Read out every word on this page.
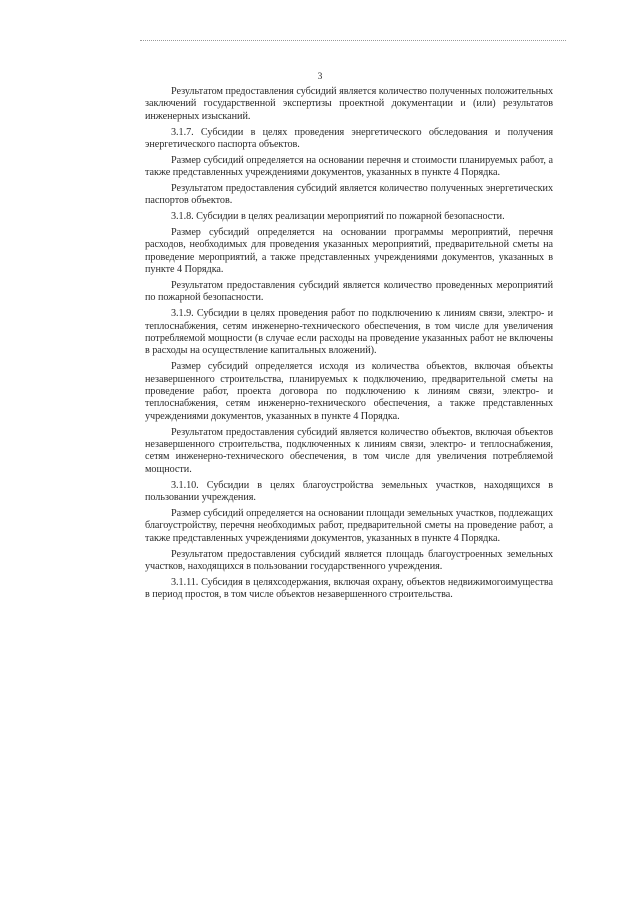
3

Результатом предоставления субсидий является количество полученных положительных заключений государственной экспертизы проектной документации и (или) результатов инженерных изысканий.

3.1.7. Субсидии в целях проведения энергетического обследования и получения энергетического паспорта объектов.

Размер субсидий определяется на основании перечня и стоимости планируемых работ, а также представленных учреждениями документов, указанных в пункте 4 Порядка.

Результатом предоставления субсидий является количество полученных энергетических паспортов объектов.

3.1.8. Субсидии в целях реализации мероприятий по пожарной безопасности.

Размер субсидий определяется на основании программы мероприятий, перечня расходов, необходимых для проведения указанных мероприятий, предварительной сметы на проведение мероприятий, а также представленных учреждениями документов, указанных в пункте 4 Порядка.

Результатом предоставления субсидий является количество проведенных мероприятий по пожарной безопасности.

3.1.9. Субсидии в целях проведения работ по подключению к линиям связи, электро- и теплоснабжения, сетям инженерно-технического обеспечения, в том числе для увеличения потребляемой мощности (в случае если расходы на проведение указанных работ не включены в расходы на осуществление капитальных вложений).

Размер субсидий определяется исходя из количества объектов, включая объекты незавершенного строительства, планируемых к подключению, предварительной сметы на проведение работ, проекта договора по подключению к линиям связи, электро- и теплоснабжения, сетям инженерно-технического обеспечения, а также представленных учреждениями документов, указанных в пункте 4 Порядка.

Результатом предоставления субсидий является количество объектов, включая объектов незавершенного строительства, подключенных к линиям связи, электро- и теплоснабжения, сетям инженерно-технического обеспечения, в том числе для увеличения потребляемой мощности.

3.1.10. Субсидии в целях благоустройства земельных участков, находящихся в пользовании учреждения.

Размер субсидий определяется на основании площади земельных участков, подлежащих благоустройству, перечня необходимых работ, предварительной сметы на проведение работ, а также представленных учреждениями документов, указанных в пункте 4 Порядка.

Результатом предоставления субсидий является площадь благоустроенных земельных участков, находящихся в пользовании государственного учреждения.

3.1.11. Субсидия в целяхсодержания, включая охрану, объектов недвижимогоимущества в период простоя, в том числе объектов незавершенного строительства.
